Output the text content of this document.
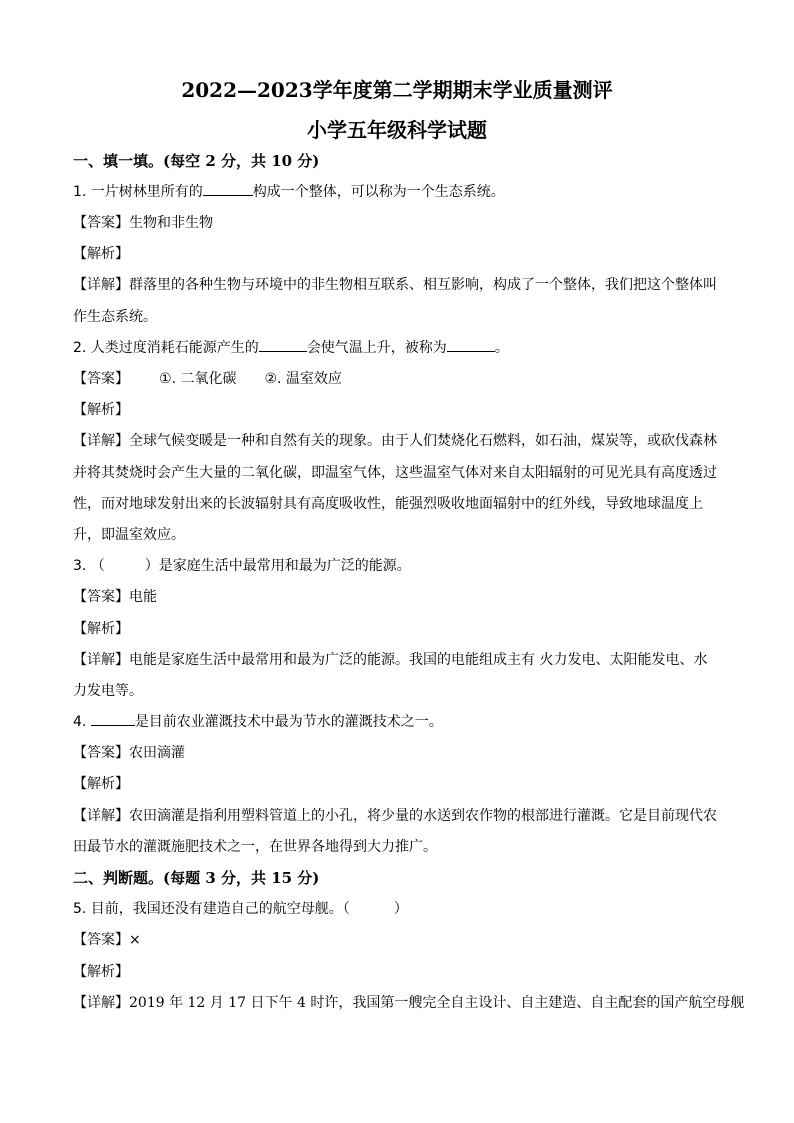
2022—2023学年度第二学期期末学业质量测评
小学五年级科学试题
一、填一填。(每空 2 分，共 10 分)
1. 一片树林里所有的	构成一个整体，可以称为一个生态系统。
【答案】生物和非生物
【解析】
【详解】群落里的各种生物与环境中的非生物相互联系、相互影响，构成了一个整体，我们把这个整体叫
作生态系统。
2. 人类过度消耗石能源产生的	会使气温上升，被称为	。
【答案】 ①. 二氧化碳 ②. 温室效应
【解析】
【详解】全球气候变暖是一种和自然有关的现象。由于人们焚烧化石燃料，如石油，煤炭等，或砍伐森林
并将其焚烧时会产生大量的二氧化碳，即温室气体，这些温室气体对来自太阳辐射的可见光具有高度透过
性，而对地球发射出来的长波辐射具有高度吸收性，能强烈吸收地面辐射中的红外线，导致地球温度上
升，即温室效应。
3. （	）是家庭生活中最常用和最为广泛的能源。
【答案】电能
【解析】
【详解】电能是家庭生活中最常用和最为广泛的能源。我国的电能组成主有 火力发电、太阳能发电、水
力发电等。
4.	是目前农业灌溉技术中最为节水的灌溉技术之一。
【答案】农田滴灌
【解析】
【详解】农田滴灌是指利用塑料管道上的小孔，将少量的水送到农作物的根部进行灌溉。它是目前现代农
田最节水的灌溉施肥技术之一，在世界各地得到大力推广。
二、判断题。(每题 3 分，共 15 分)
5. 目前，我国还没有建造自己的航空母舰。（	）
【答案】×
【解析】
【详解】2019 年 12 月 17 日下午 4 时许，我国第一艘完全自主设计、自主建造、自主配套的国产航空母舰
